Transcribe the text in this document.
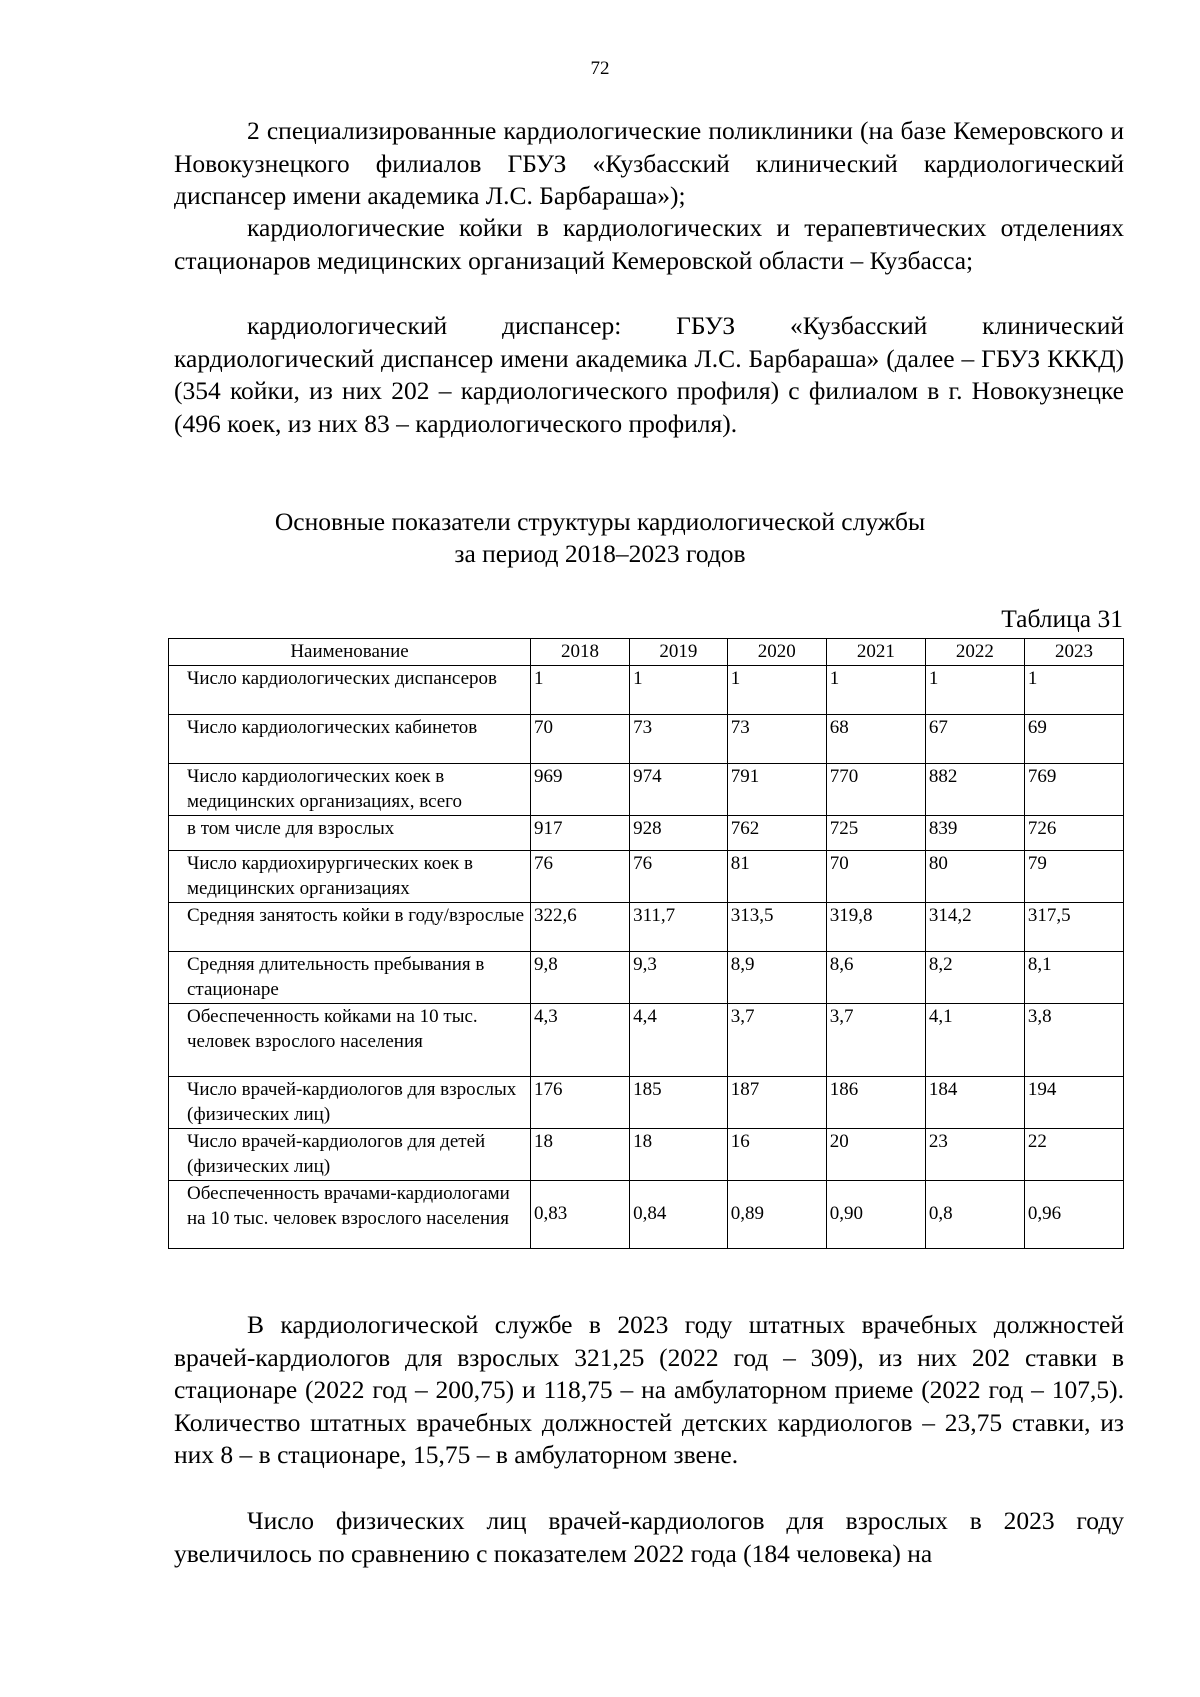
72

2 специализированные кардиологические поликлиники (на базе Кемеровского и Новокузнецкого филиалов ГБУЗ «Кузбасский клинический кардиологический диспансер имени академика Л.С. Барбараша»);

кардиологические койки в кардиологических и терапевтических отделениях стационаров медицинских организаций Кемеровской области – Кузбасса;

кардиологический диспансер: ГБУЗ «Кузбасский клинический кардиологический диспансер имени академика Л.С. Барбараша» (далее – ГБУЗ КККД) (354 койки, из них 202 – кардиологического профиля) с филиалом в г. Новокузнецке (496 коек, из них 83 – кардиологического профиля).

Основные показатели структуры кардиологической службы
за период 2018–2023 годов
Таблица 31
Наименование	2018	2019	2020	2021	2022	2023
Число кардиологических диспансеров	1	1	1	1	1	1
Число кардиологических кабинетов	70	73	73	68	67	69
Число кардиологических коек в медицинских организациях, всего	969	974	791	770	882	769
в том числе для взрослых	917	928	762	725	839	726
Число кардиохирургических коек в медицинских организациях	76	76	81	70	80	79
Средняя занятость койки в году/взрослые	322,6	311,7	313,5	319,8	314,2	317,5
Средняя длительность пребывания в стационаре	9,8	9,3	8,9	8,6	8,2	8,1
Обеспеченность койками на 10 тыс. человек взрослого населения	4,3	4,4	3,7	3,7	4,1	3,8
Число врачей-кардиологов для взрослых (физических лиц)	176	185	187	186	184	194
Число врачей-кардиологов для детей (физических лиц)	18	18	16	20	23	22
Обеспеченность врачами-кардиологами на 10 тыс. человек взрослого населения	0,83	0,84	0,89	0,90	0,8	0,96

В кардиологической службе в 2023 году штатных врачебных должностей врачей-кардиологов для взрослых 321,25 (2022 год – 309), из них 202 ставки в стационаре (2022 год – 200,75) и 118,75 – на амбулаторном приеме (2022 год – 107,5). Количество штатных врачебных должностей детских кардиологов – 23,75 ставки, из них 8 – в стационаре, 15,75 – в амбулаторном звене.

Число физических лиц врачей-кардиологов для взрослых в 2023 году увеличилось по сравнению с показателем 2022 года (184 человека) на
